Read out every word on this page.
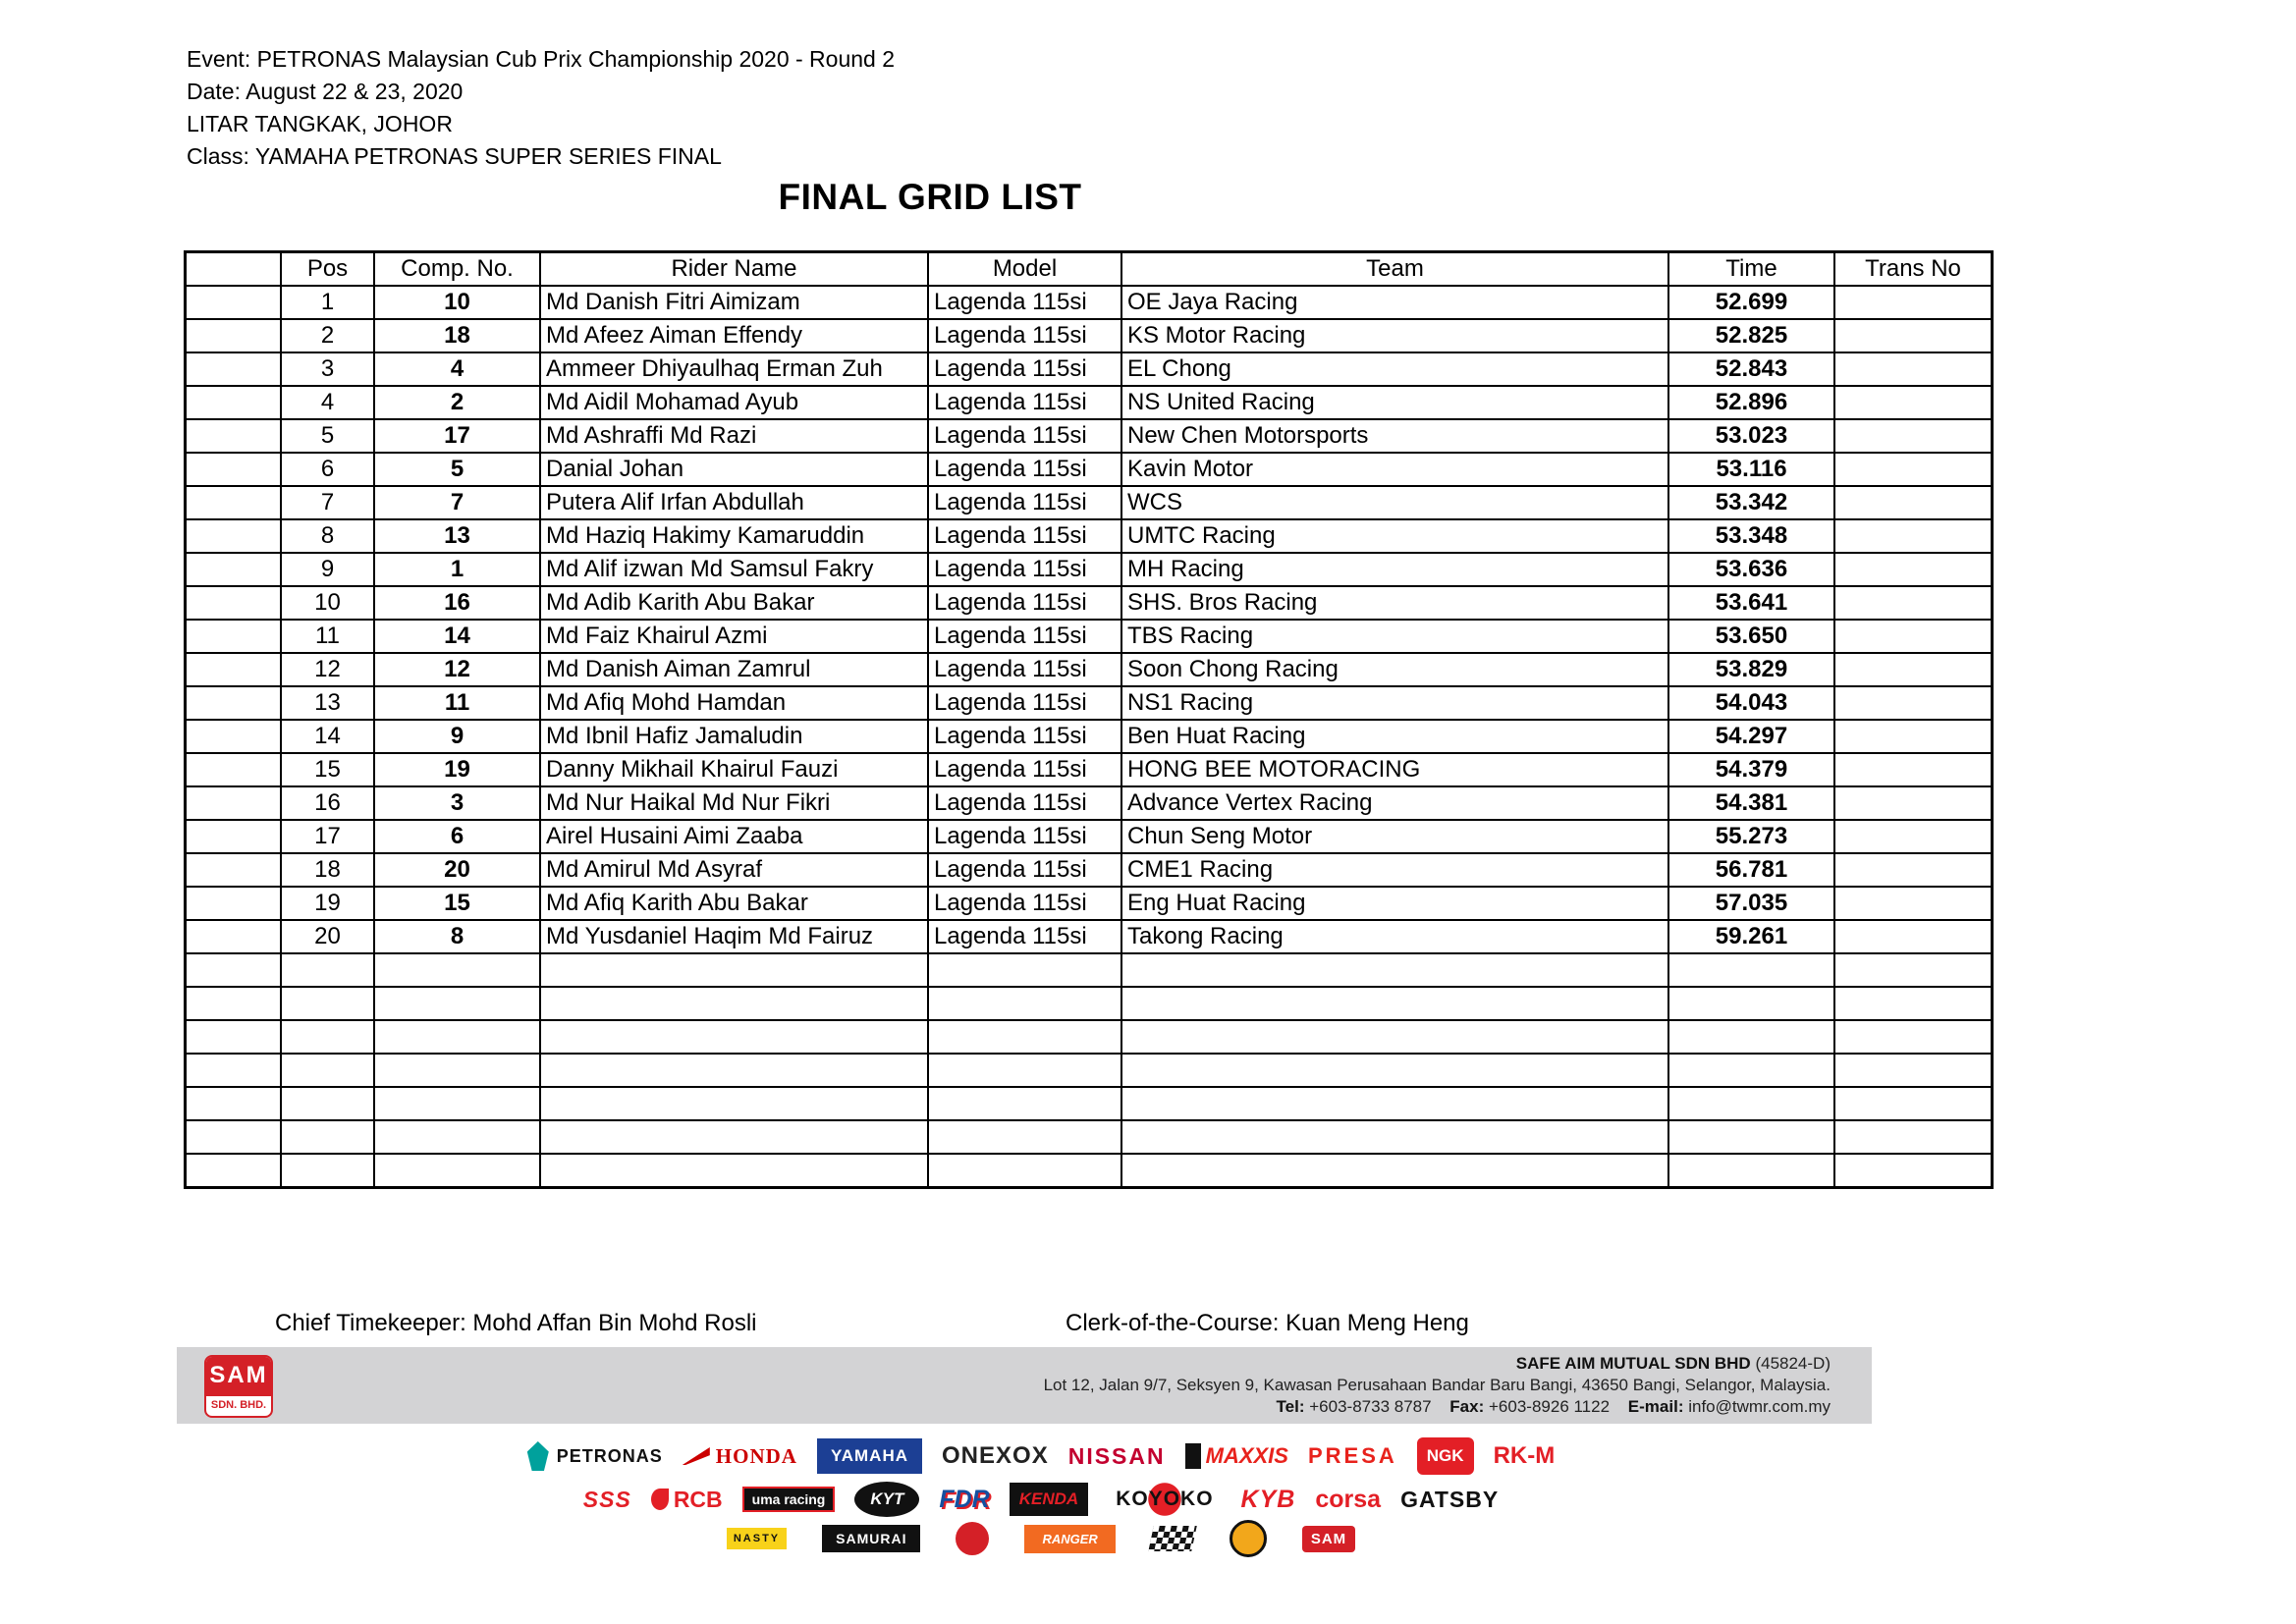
Event: PETRONAS Malaysian Cub Prix Championship 2020 - Round 2
Date: August 22 & 23, 2020
LITAR TANGKAK, JOHOR
Class: YAMAHA PETRONAS SUPER SERIES FINAL
FINAL GRID LIST
	Pos	Comp. No.	Rider Name	Model	Team	Time	Trans No
	1	10	Md Danish Fitri Aimizam	Lagenda 115si	OE Jaya Racing	52.699	
	2	18	Md Afeez Aiman Effendy	Lagenda 115si	KS Motor Racing	52.825	
	3	4	Ammeer Dhiyaulhaq Erman Zuh	Lagenda 115si	EL Chong	52.843	
	4	2	Md Aidil Mohamad Ayub	Lagenda 115si	NS United Racing	52.896	
	5	17	Md Ashraffi Md Razi	Lagenda 115si	New Chen Motorsports	53.023	
	6	5	Danial Johan	Lagenda 115si	Kavin Motor	53.116	
	7	7	Putera Alif Irfan Abdullah	Lagenda 115si	WCS	53.342	
	8	13	Md Haziq Hakimy Kamaruddin	Lagenda 115si	UMTC Racing	53.348	
	9	1	Md Alif izwan Md Samsul Fakry	Lagenda 115si	MH Racing	53.636	
	10	16	Md Adib Karith Abu Bakar	Lagenda 115si	SHS. Bros Racing	53.641	
	11	14	Md Faiz Khairul Azmi	Lagenda 115si	TBS Racing	53.650	
	12	12	Md Danish Aiman Zamrul	Lagenda 115si	Soon Chong Racing	53.829	
	13	11	Md Afiq Mohd Hamdan	Lagenda 115si	NS1 Racing	54.043	
	14	9	Md Ibnil Hafiz Jamaludin	Lagenda 115si	Ben Huat Racing	54.297	
	15	19	Danny Mikhail Khairul Fauzi	Lagenda 115si	HONG BEE MOTORACING	54.379	
	16	3	Md Nur Haikal Md Nur Fikri	Lagenda 115si	Advance Vertex Racing	54.381	
	17	6	Airel Husaini Aimi Zaaba	Lagenda 115si	Chun Seng Motor	55.273	
	18	20	Md Amirul Md Asyraf	Lagenda 115si	CME1 Racing	56.781	
	19	15	Md Afiq Karith Abu Bakar	Lagenda 115si	Eng Huat Racing	57.035	
	20	8	Md Yusdaniel Haqim Md Fairuz	Lagenda 115si	Takong Racing	59.261	

Chief Timekeeper: Mohd Affan Bin Mohd Rosli	Clerk-of-the-Course: Kuan Meng Heng
SAM
SDN. BHD.
SAFE AIM MUTUAL SDN BHD (45824-D)
Lot 12, Jalan 9/7, Seksyen 9, Kawasan Perusahaan Bandar Baru Bangi, 43650 Bangi, Selangor, Malaysia.
Tel: +603-8733 8787 Fax: +603-8926 1122 E-mail: info@twmr.com.my
PETRONAS	HONDA	YAMAHA	ONEXOX NISSAN	MAXXIS PRESA	NGK	RK-M
SSS	RCB	uma racing	KYT	FDR	KENDA	KOYOKO	KYB corsa GATSBY
NASTY	SAMURAI	RANGER	SAM
